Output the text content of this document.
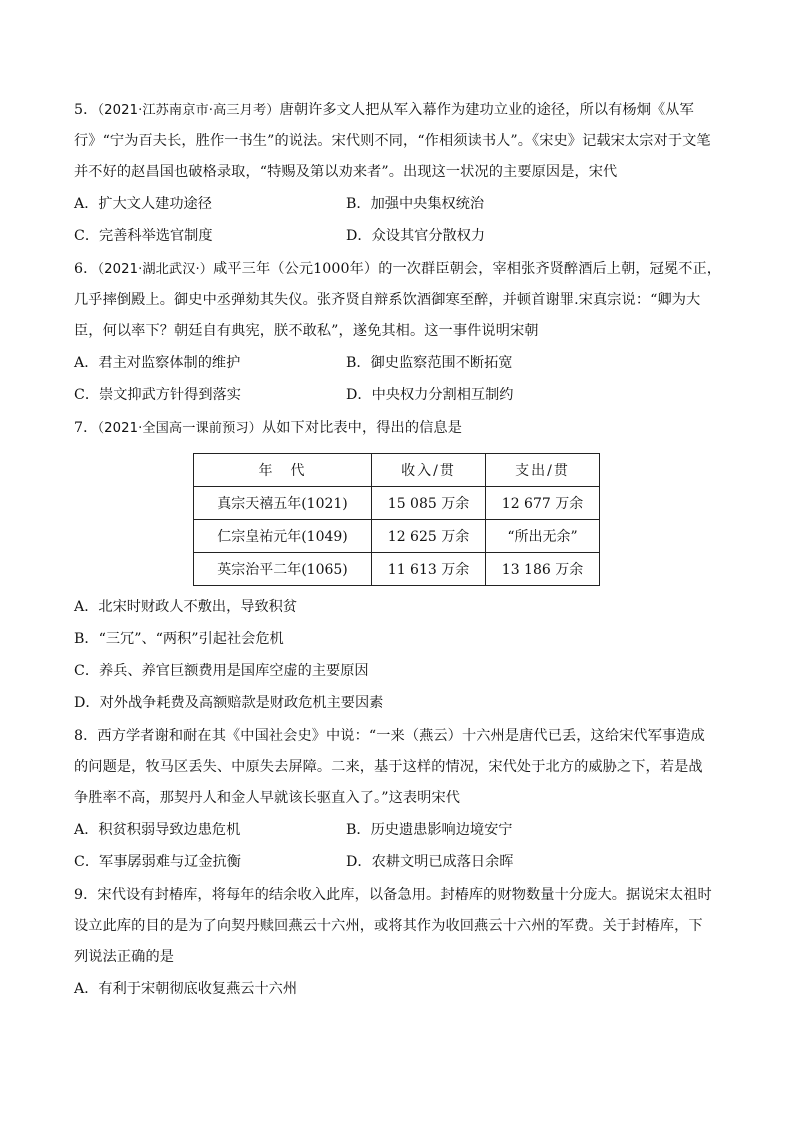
5．（2021·江苏南京市·高三月考）唐朝许多文人把从军入幕作为建功立业的途径，所以有杨炯《从军
行》“宁为百夫长，胜作一书生”的说法。宋代则不同，“作相须读书人”。《宋史》记载宋太宗对于文笔
并不好的赵昌国也破格录取，“特赐及第以劝来者”。出现这一状况的主要原因是，宋代
A．扩大文人建功途径	B．加强中央集权统治
C．完善科举选官制度	D．众设其官分散权力
6．（2021·湖北武汉·）咸平三年（公元1000年）的一次群臣朝会，宰相张齐贤醉酒后上朝，冠冕不正，
几乎摔倒殿上。御史中丞弹劾其失仪。张齐贤自辩系饮酒御寒至醉，并顿首谢罪.宋真宗说：“卿为大
臣，何以率下？朝廷自有典宪，朕不敢私”，遂免其相。这一事件说明宋朝
A．君主对监察体制的维护	B．御史监察范围不断拓宽
C．崇文抑武方针得到落实	D．中央权力分割相互制约
7．（2021·全国高一课前预习）从如下对比表中，得出的信息是
年　代	收入/贯	支出/贯
真宗天禧五年(1021)	15 085 万余	12 677 万余
仁宗皇祐元年(1049)	12 625 万余	“所出无余”
英宗治平二年(1065)	11 613 万余	13 186 万余
A．北宋时财政人不敷出，导致积贫
B．“三冗”、“两积”引起社会危机
C．养兵、养官巨额费用是国库空虚的主要原因
D．对外战争耗费及高额赔款是财政危机主要因素
8．西方学者谢和耐在其《中国社会史》中说：“一来（燕云）十六州是唐代已丢，这给宋代军事造成
的问题是，牧马区丢失、中原失去屏障。二来，基于这样的情况，宋代处于北方的威胁之下，若是战
争胜率不高，那契丹人和金人早就该长驱直入了。”这表明宋代
A．积贫积弱导致边患危机	B．历史遗患影响边境安宁
C．军事孱弱难与辽金抗衡	D．农耕文明已成落日余晖
9．宋代设有封椿库，将每年的结余收入此库，以备急用。封椿库的财物数量十分庞大。据说宋太祖时
设立此库的目的是为了向契丹赎回燕云十六州，或将其作为收回燕云十六州的军费。关于封椿库，下
列说法正确的是
A．有利于宋朝彻底收复燕云十六州
